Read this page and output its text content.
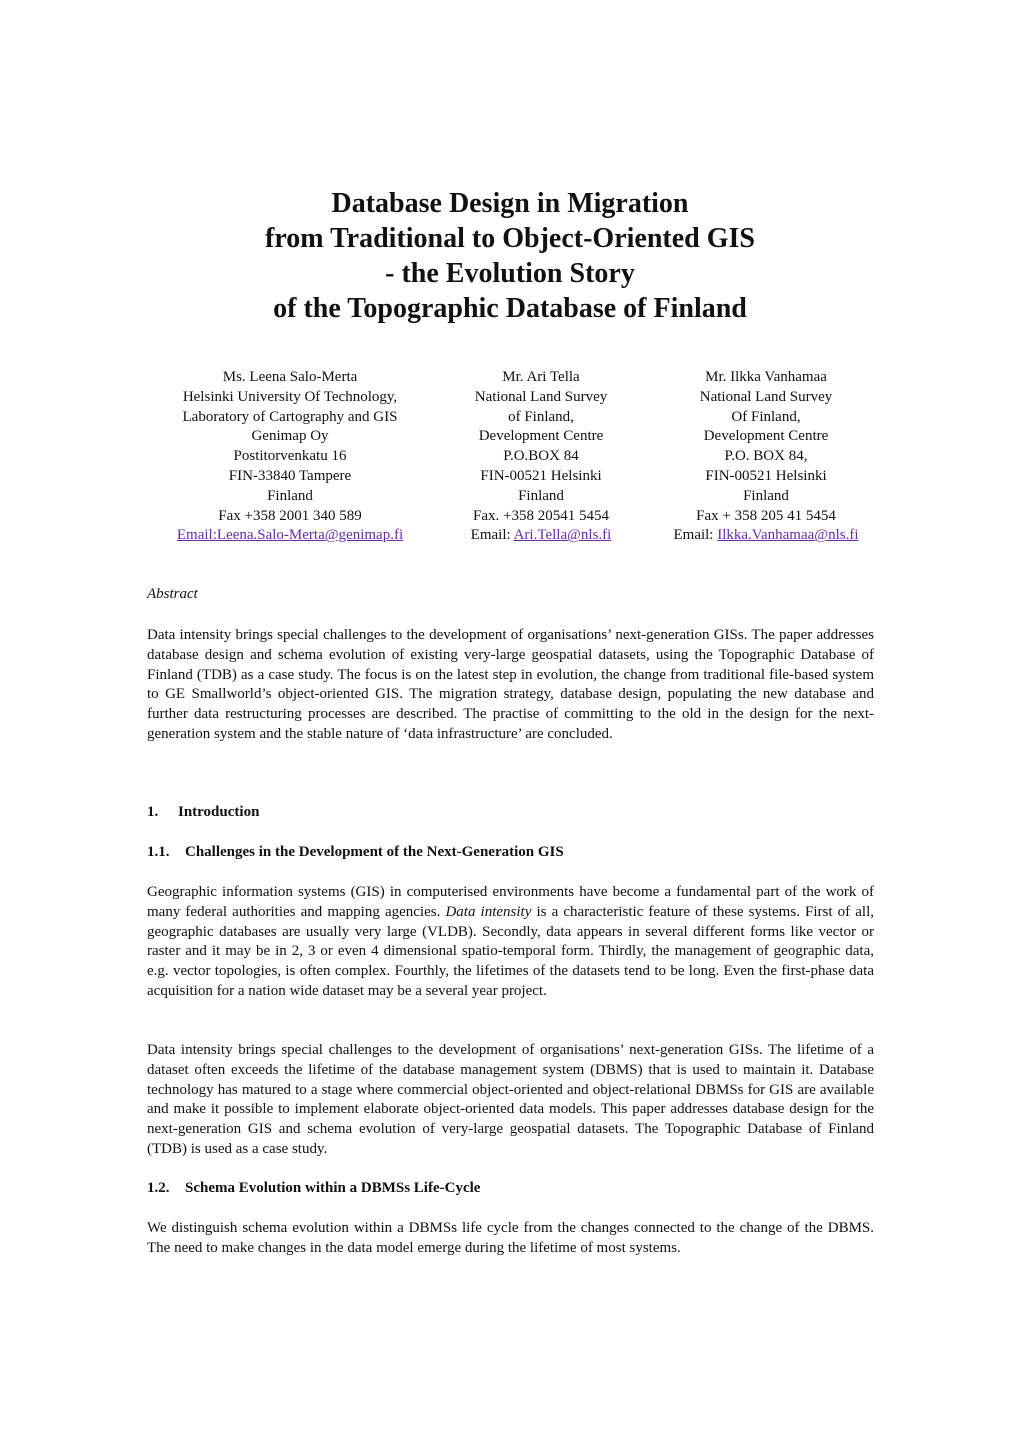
Database Design in Migration
from Traditional to Object-Oriented GIS
- the Evolution Story
of the Topographic Database of Finland
Ms. Leena Salo-Merta
Helsinki University Of Technology,
Laboratory of Cartography and GIS
Genimap Oy
Postitorvenkatu 16
FIN-33840 Tampere
Finland
Fax +358 2001 340 589
Email:Leena.Salo-Merta@genimap.fi
Mr. Ari Tella
National Land Survey
of Finland,
Development Centre
P.O.BOX 84
FIN-00521 Helsinki
Finland
Fax. +358 20541 5454
Email: Ari.Tella@nls.fi
Mr. Ilkka Vanhamaa
National Land Survey
Of Finland,
Development Centre
P.O. BOX 84,
FIN-00521 Helsinki
Finland
Fax + 358 205 41 5454
Email: Ilkka.Vanhamaa@nls.fi
Abstract

Data intensity brings special challenges to the development of organisations’ next-generation GISs. The paper addresses database design and schema evolution of existing very-large geospatial datasets, using the Topographic Database of Finland (TDB) as a case study. The focus is on the latest step in evolution, the change from traditional file-based system to GE Smallworld’s object-oriented GIS. The migration strategy, database design, populating the new database and further data restructuring processes are described. The practise of committing to the old in the design for the next-generation system and the stable nature of ‘data infrastructure’ are concluded.

1. Introduction
1.1. Challenges in the Development of the Next-Generation GIS

Geographic information systems (GIS) in computerised environments have become a fundamental part of the work of many federal authorities and mapping agencies. Data intensity is a characteristic feature of these systems. First of all, geographic databases are usually very large (VLDB). Secondly, data appears in several different forms like vector or raster and it may be in 2, 3 or even 4 dimensional spatio-temporal form. Thirdly, the management of geographic data, e.g. vector topologies, is often complex. Fourthly, the lifetimes of the datasets tend to be long. Even the first-phase data acquisition for a nation wide dataset may be a several year project.

Data intensity brings special challenges to the development of organisations’ next-generation GISs. The lifetime of a dataset often exceeds the lifetime of the database management system (DBMS) that is used to maintain it. Database technology has matured to a stage where commercial object-oriented and object-relational DBMSs for GIS are available and make it possible to implement elaborate object-oriented data models. This paper addresses database design for the next-generation GIS and schema evolution of very-large geospatial datasets. The Topographic Database of Finland (TDB) is used as a case study.

1.2. Schema Evolution within a DBMSs Life-Cycle

We distinguish schema evolution within a DBMSs life cycle from the changes connected to the change of the DBMS. The need to make changes in the data model emerge during the lifetime of most systems.
